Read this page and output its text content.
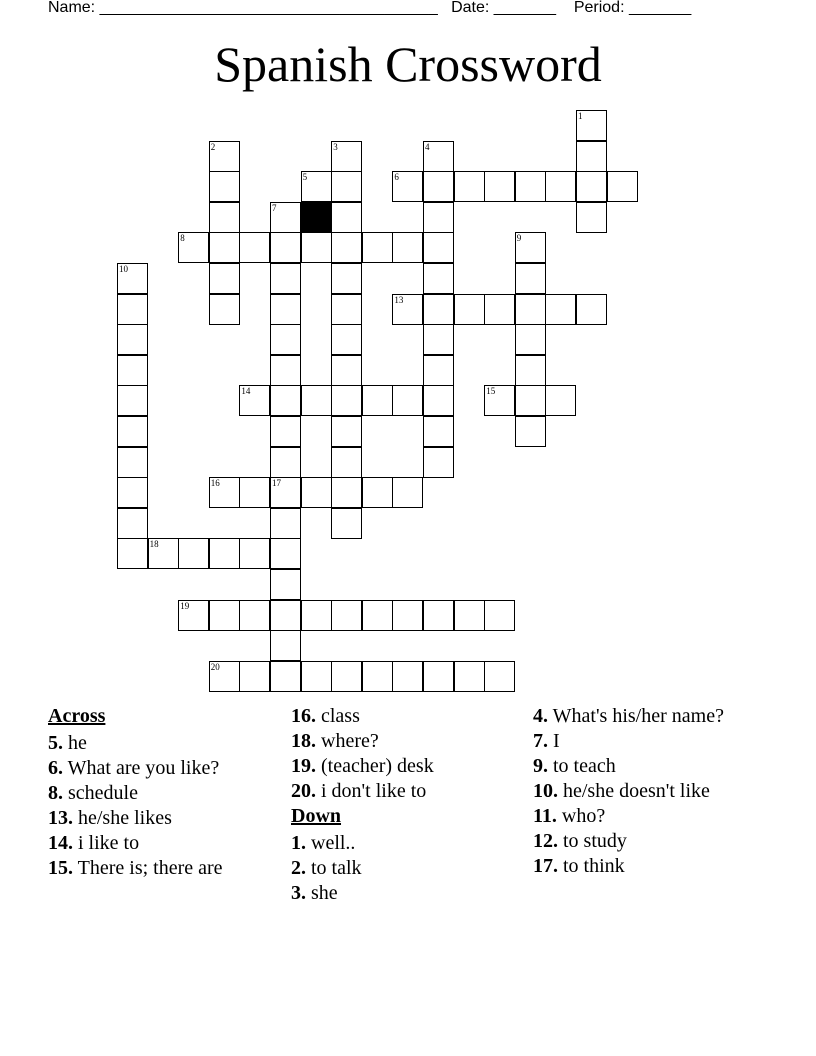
Name: ______________________________________ Date: _______ Period: _______
Spanish Crossword
1
2	3	4
5	6
7
17
8	9
10
13
14	15
16
18
19
20
Across
5. he
6. What are you like?
8. schedule
13. he/she likes
14. i like to
15. There is; there are
16. class
18. where?
19. (teacher) desk
20. i don't like to
Down
1. well..
2. to talk
3. she
4. What's his/her name?
7. I
9. to teach
10. he/she doesn't like
11. who?
12. to study
17. to think
